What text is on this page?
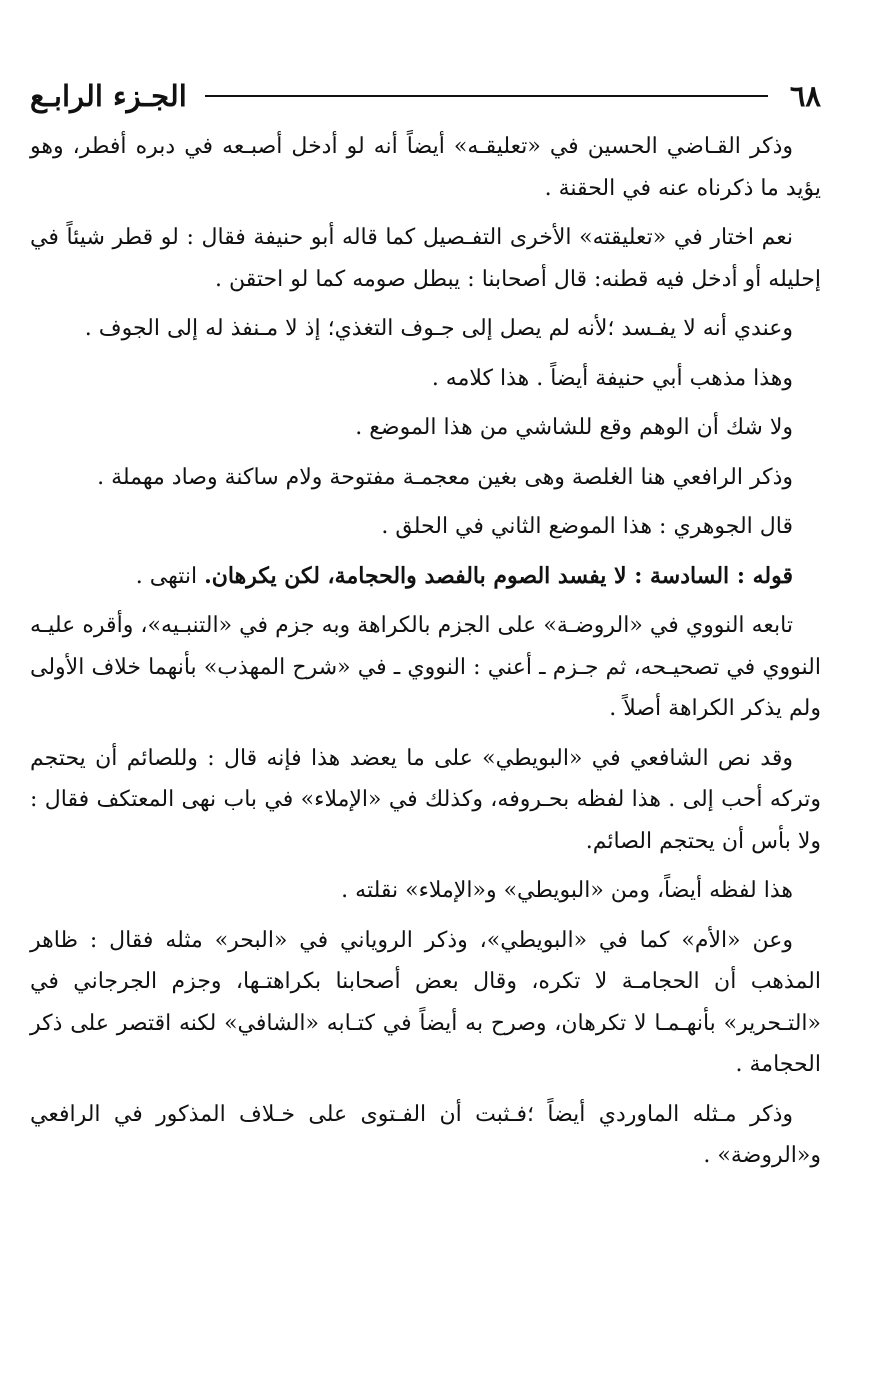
٦٨
الجـزء الرابـع

وذكر القـاضي الحسين في «تعليقـه» أيضاً أنه لو أدخل أصبـعه في دبره أفطر، وهو يؤيد ما ذكرناه عنه في الحقنة .

نعم اختار في «تعليقته» الأخرى التفـصيل كما قاله أبو حنيفة فقال : لو قطر شيئاً في إحليله أو أدخل فيه قطنه: قال أصحابنا : يبطل صومه كما لو احتقن .

وعندي أنه لا يفـسد ؛لأنه لم يصل إلى جـوف التغذي؛ إذ لا مـنفذ له إلى الجوف .

وهذا مذهب أبي حنيفة أيضاً . هذا كلامه .

ولا شك أن الوهم وقع للشاشي من هذا الموضع .

وذكر الرافعي هنا الغلصة وهى بغين معجمـة مفتوحة ولام ساكنة وصاد مهملة .

قال الجوهري : هذا الموضع الثاني في الحلق .

قوله : السادسة : لا يفسد الصوم بالفصد والحجامة، لكن يكرهان. انتهى .

تابعه النووي في «الروضـة» على الجزم بالكراهة وبه جزم في «التنبـيه»، وأقره عليـه النووي في تصحيـحه، ثم جـزم ـ أعني : النووي ـ في «شرح المهذب» بأنهما خلاف الأولى ولم يذكر الكراهة أصلاً .

وقد نص الشافعي في «البويطي» على ما يعضد هذا فإنه قال : وللصائم أن يحتجم وتركه أحب إلى . هذا لفظه بحـروفه، وكذلك في «الإملاء» في باب نهى المعتكف فقال : ولا بأس أن يحتجم الصائم.

هذا لفظه أيضاً، ومن «البويطي» و«الإملاء» نقلته .

وعن «الأم» كما في «البويطي»، وذكر الروياني في «البحر» مثله فقال : ظاهر المذهب أن الحجامـة لا تكره، وقال بعض أصحابنا بكراهتـها، وجزم الجرجاني في «التـحرير» بأنهـمـا لا تكرهان، وصرح به أيضاً في كتـابه «الشافي» لكنه اقتصر على ذكر الحجامة .

وذكر مـثله الماوردي أيضاً ؛فـثبت أن الفـتوى على خـلاف المذكور في الرافعي و«الروضة» .
